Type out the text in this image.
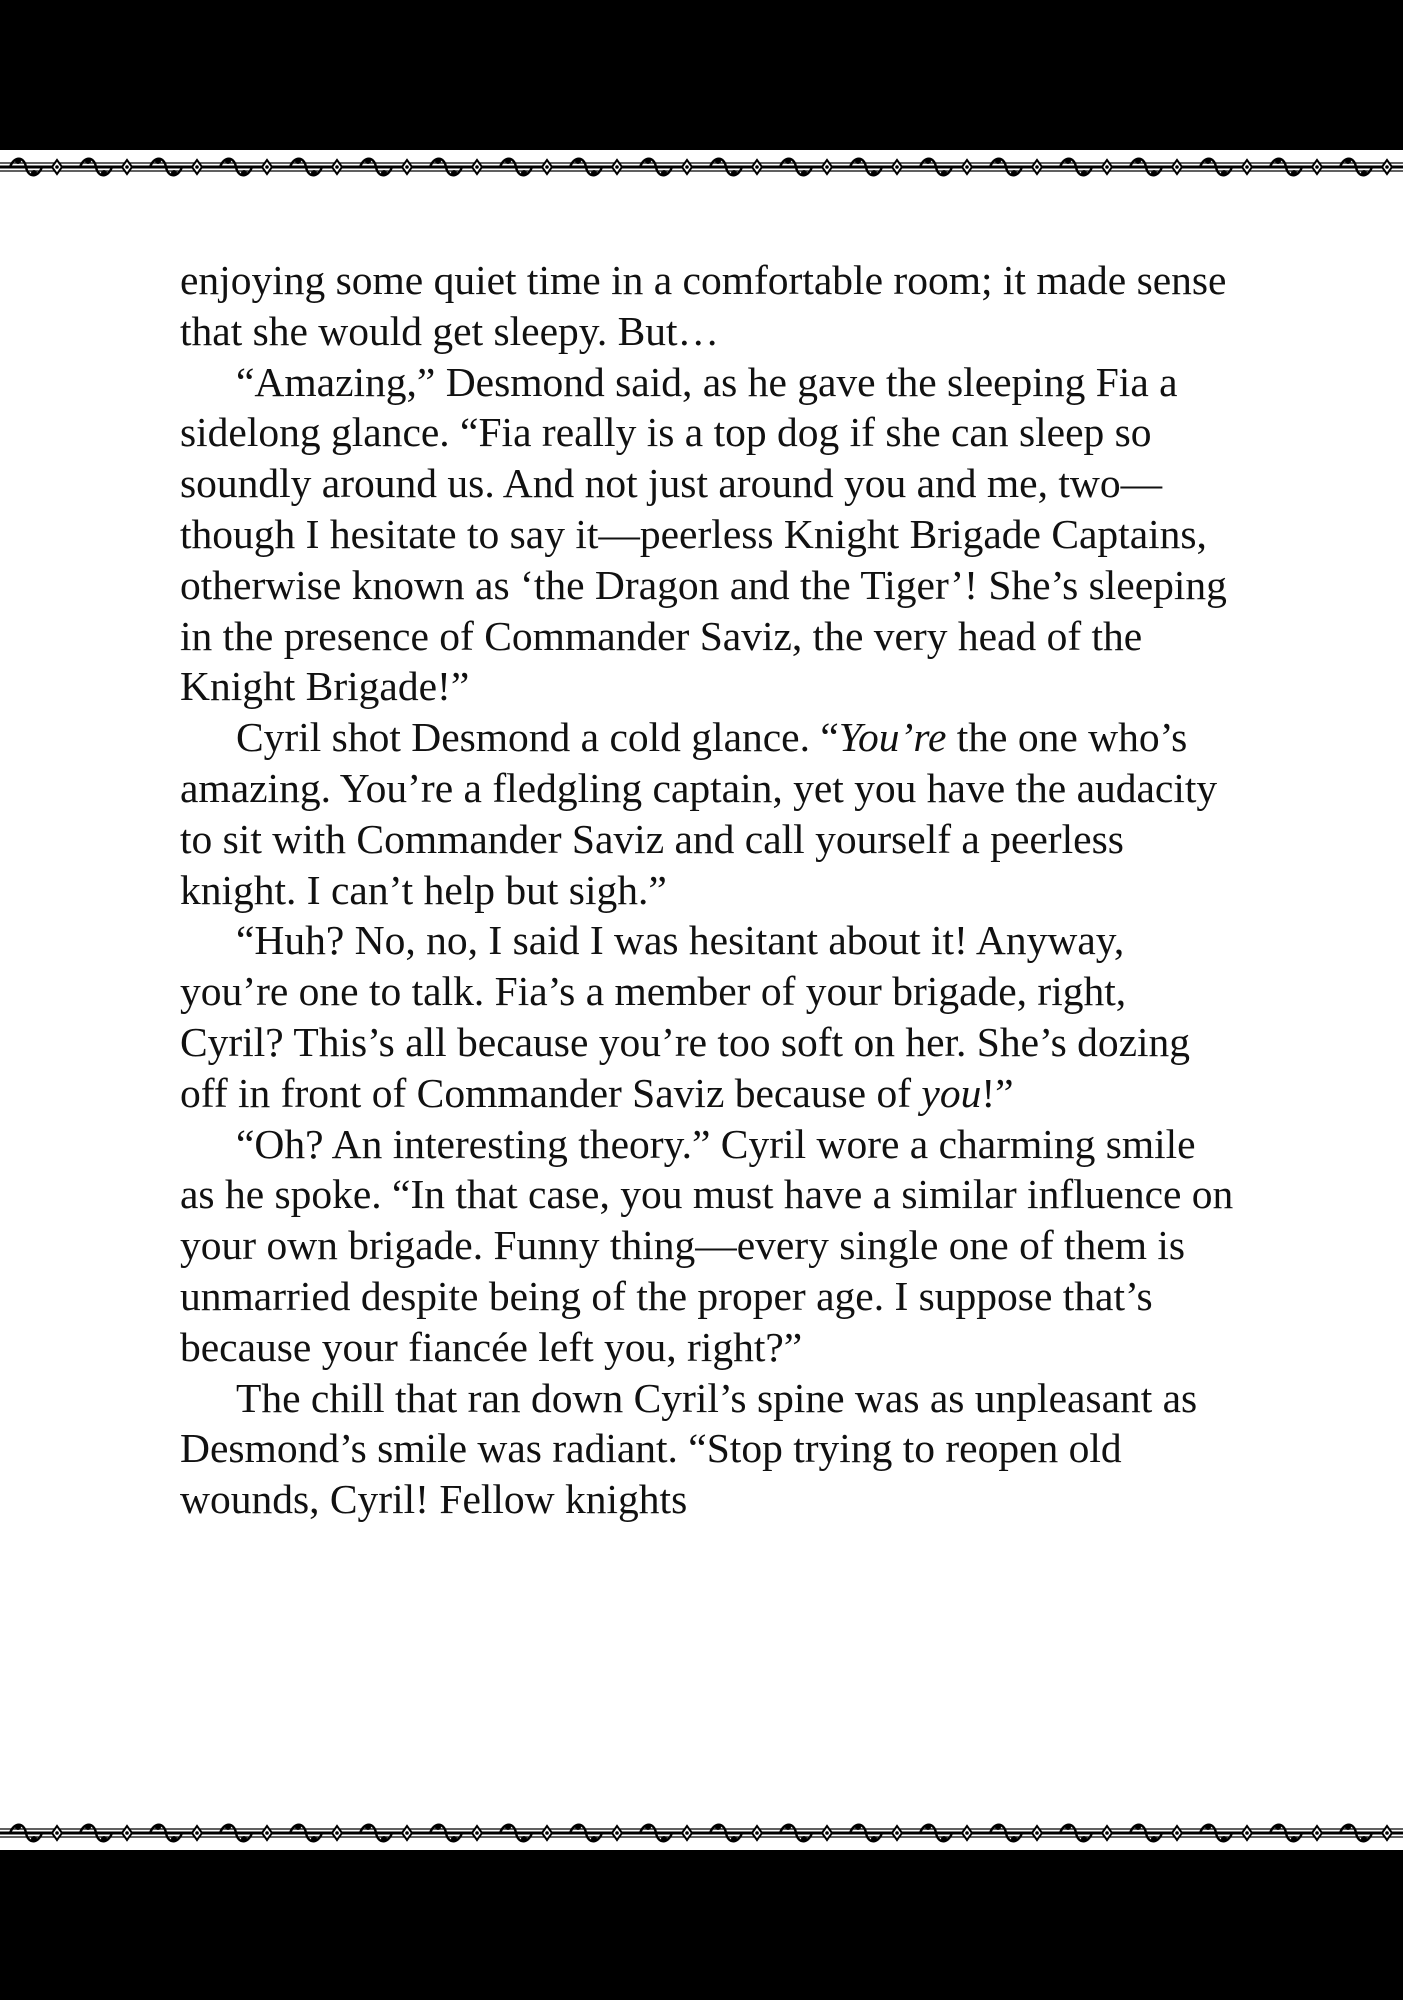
enjoying some quiet time in a comfortable room; it made sense that she would get sleepy. But…

“Amazing,” Desmond said, as he gave the sleeping Fia a sidelong glance. “Fia really is a top dog if she can sleep so soundly around us. And not just around you and me, two—though I hesitate to say it—peerless Knight Brigade Captains, otherwise known as ‘the Dragon and the Tiger’! She’s sleeping in the presence of Commander Saviz, the very head of the Knight Brigade!”

Cyril shot Desmond a cold glance. “You’re the one who’s amazing. You’re a fledgling captain, yet you have the audacity to sit with Commander Saviz and call yourself a peerless knight. I can’t help but sigh.”

“Huh? No, no, I said I was hesitant about it! Anyway, you’re one to talk. Fia’s a member of your brigade, right, Cyril? This’s all because you’re too soft on her. She’s dozing off in front of Commander Saviz because of you!”

“Oh? An interesting theory.” Cyril wore a charming smile as he spoke. “In that case, you must have a similar influence on your own brigade. Funny thing—every single one of them is unmarried despite being of the proper age. I suppose that’s because your fiancée left you, right?”

The chill that ran down Cyril’s spine was as unpleasant as Desmond’s smile was radiant. “Stop trying to reopen old wounds, Cyril! Fellow knights
